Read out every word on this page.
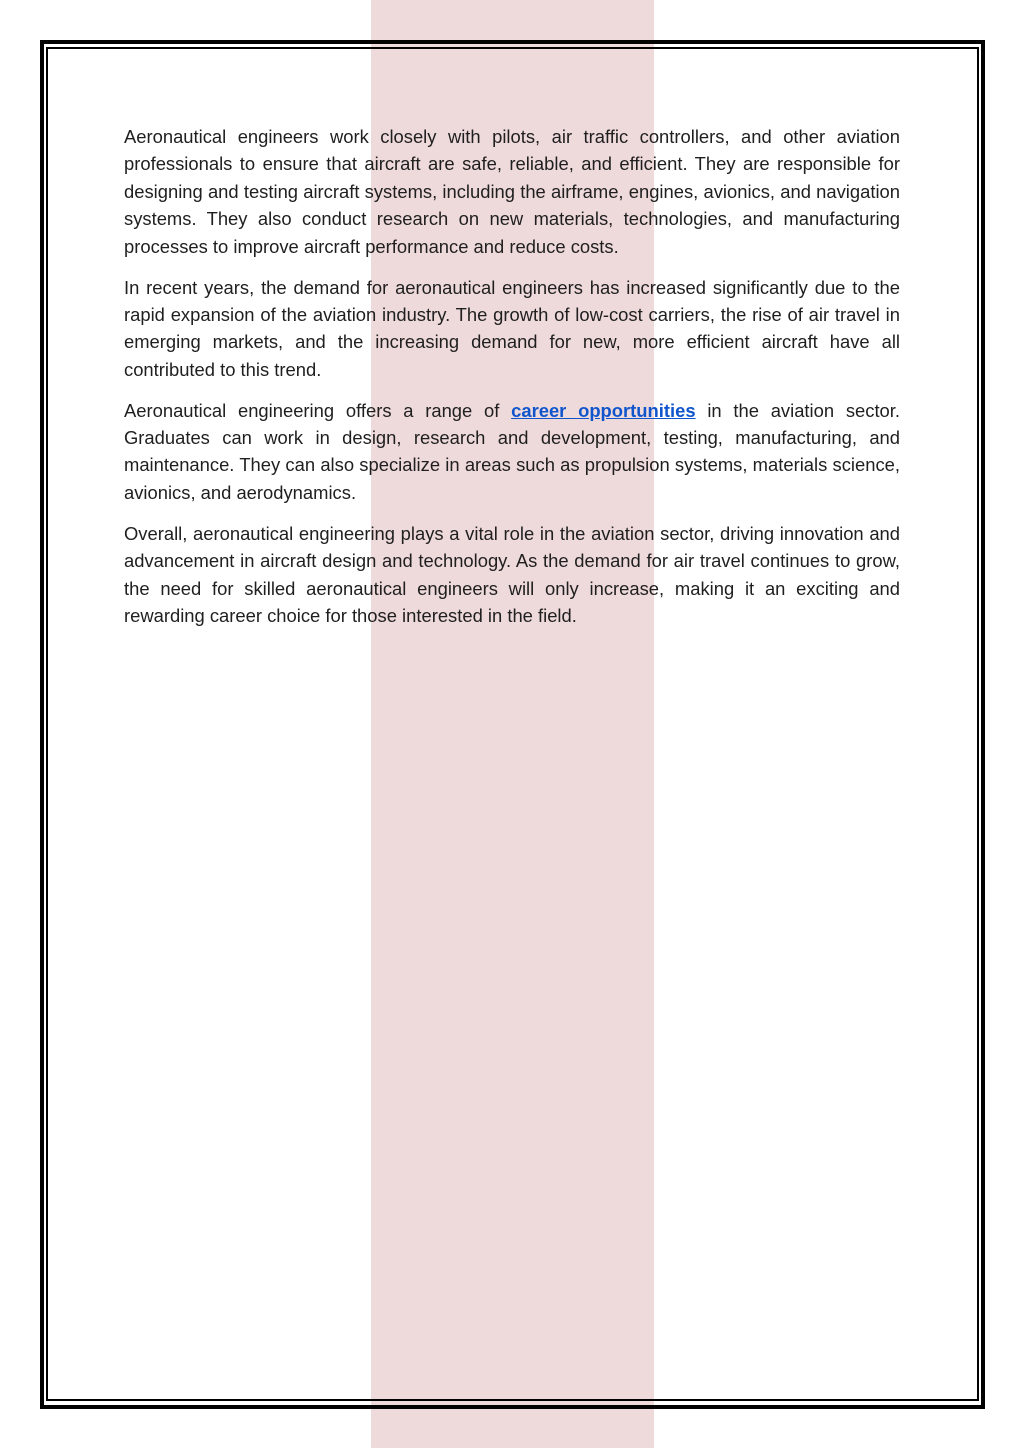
Aeronautical engineers work closely with pilots, air traffic controllers, and other aviation professionals to ensure that aircraft are safe, reliable, and efficient. They are responsible for designing and testing aircraft systems, including the airframe, engines, avionics, and navigation systems. They also conduct research on new materials, technologies, and manufacturing processes to improve aircraft performance and reduce costs.

In recent years, the demand for aeronautical engineers has increased significantly due to the rapid expansion of the aviation industry. The growth of low-cost carriers, the rise of air travel in emerging markets, and the increasing demand for new, more efficient aircraft have all contributed to this trend.

Aeronautical engineering offers a range of career opportunities in the aviation sector. Graduates can work in design, research and development, testing, manufacturing, and maintenance. They can also specialize in areas such as propulsion systems, materials science, avionics, and aerodynamics.

Overall, aeronautical engineering plays a vital role in the aviation sector, driving innovation and advancement in aircraft design and technology. As the demand for air travel continues to grow, the need for skilled aeronautical engineers will only increase, making it an exciting and rewarding career choice for those interested in the field.
